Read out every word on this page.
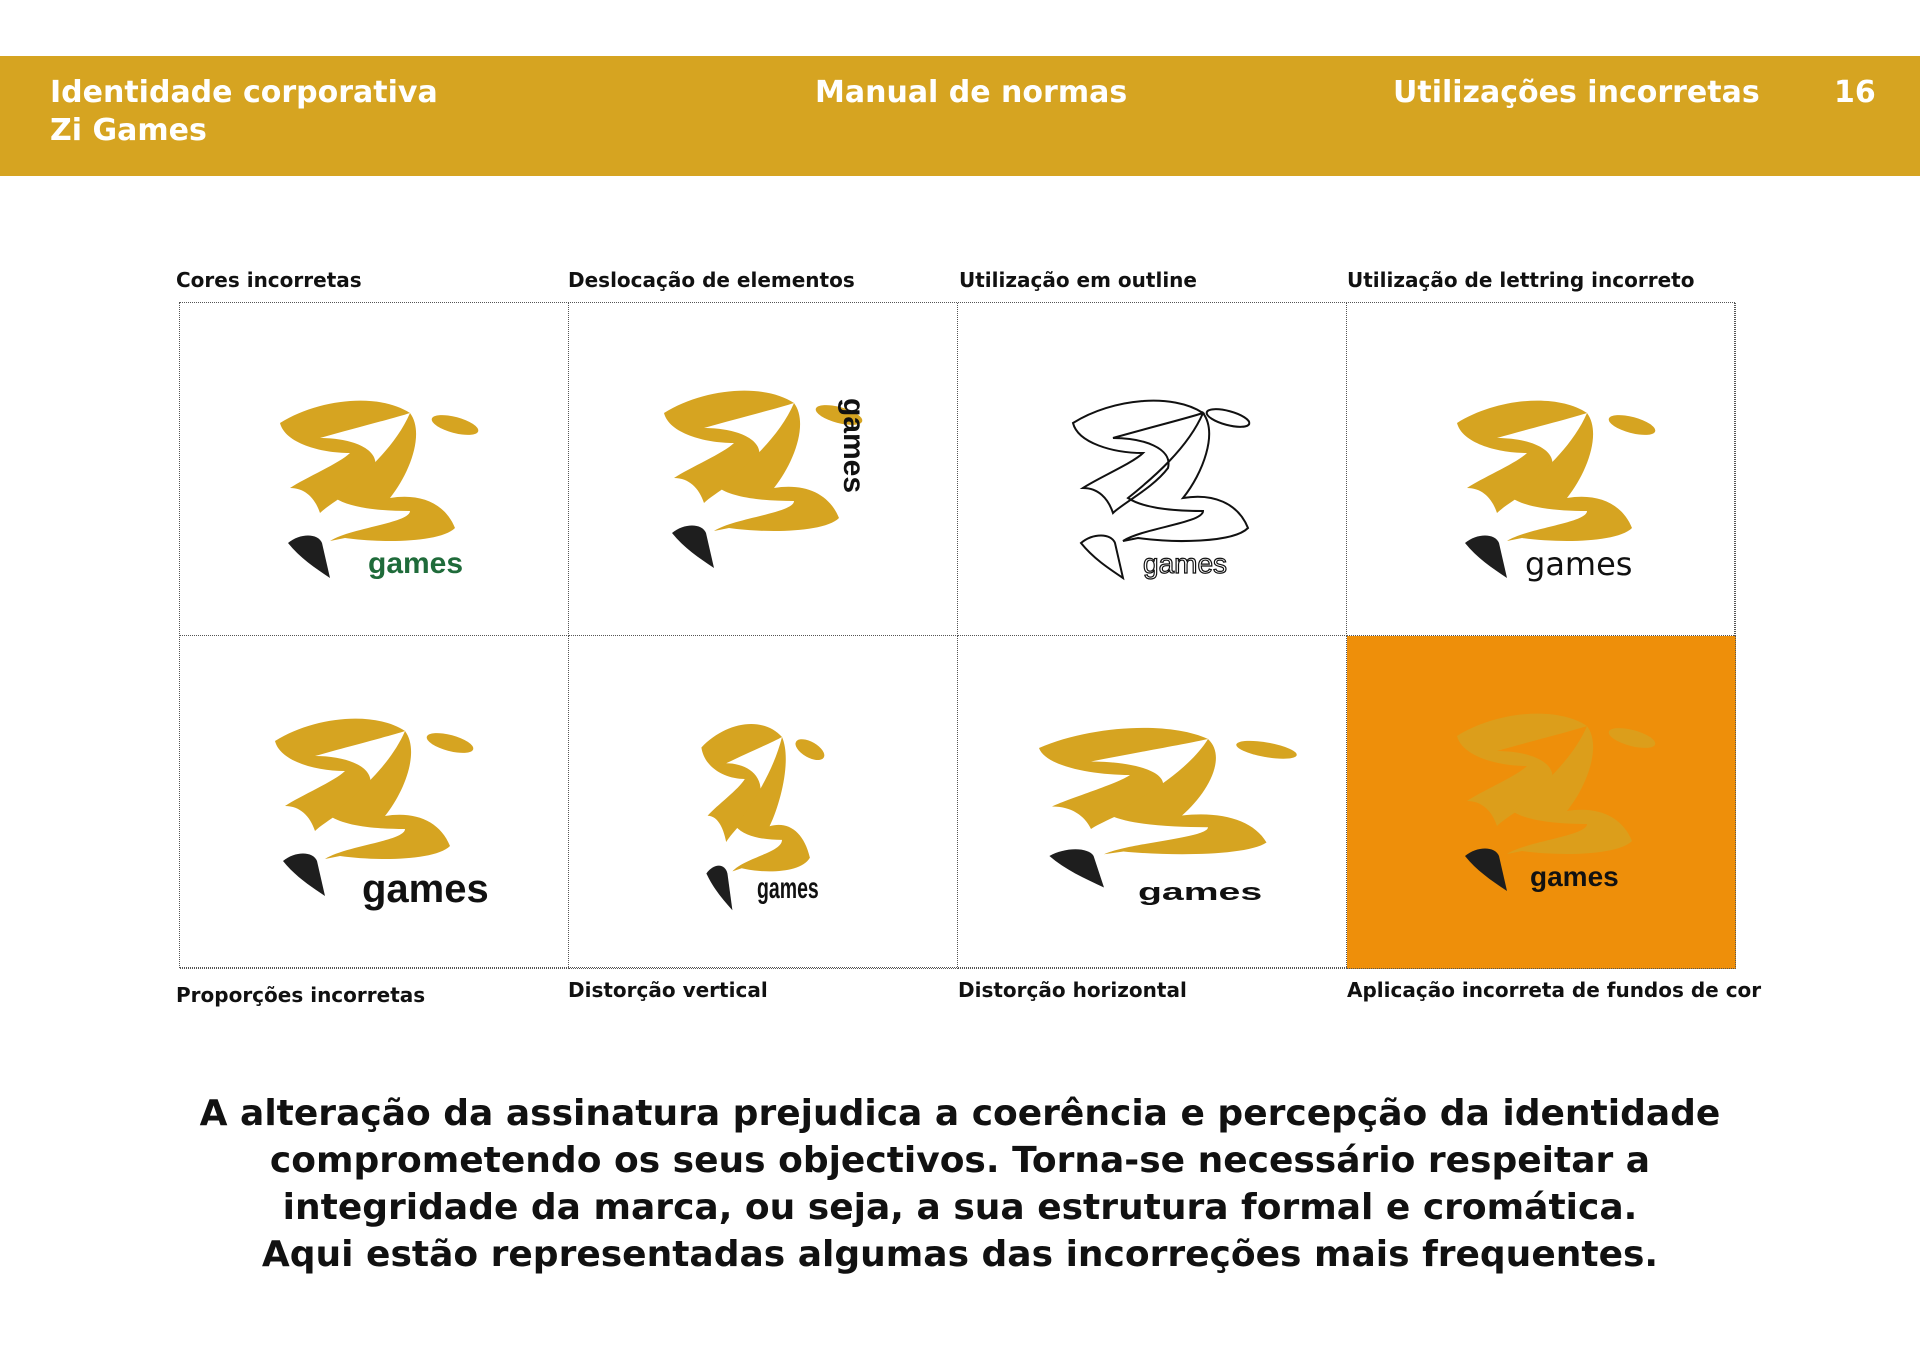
Identidade corporativa
Zi Games
Manual de normas	Utilizações incorretas 16
Cores incorretas	Deslocação de elementos	Utilização em outline	Utilização de lettring incorreto
games
games
games	games
games	games	games	games
Proporções incorretas	Distorção vertical	Distorção horizontal	Aplicação incorreta de fundos de cor
A alteração da assinatura prejudica a coerência e percepção da identidade
comprometendo os seus objectivos. Torna-se necessário respeitar a
integridade da marca, ou seja, a sua estrutura formal e cromática.
Aqui estão representadas algumas das incorreções mais frequentes.
